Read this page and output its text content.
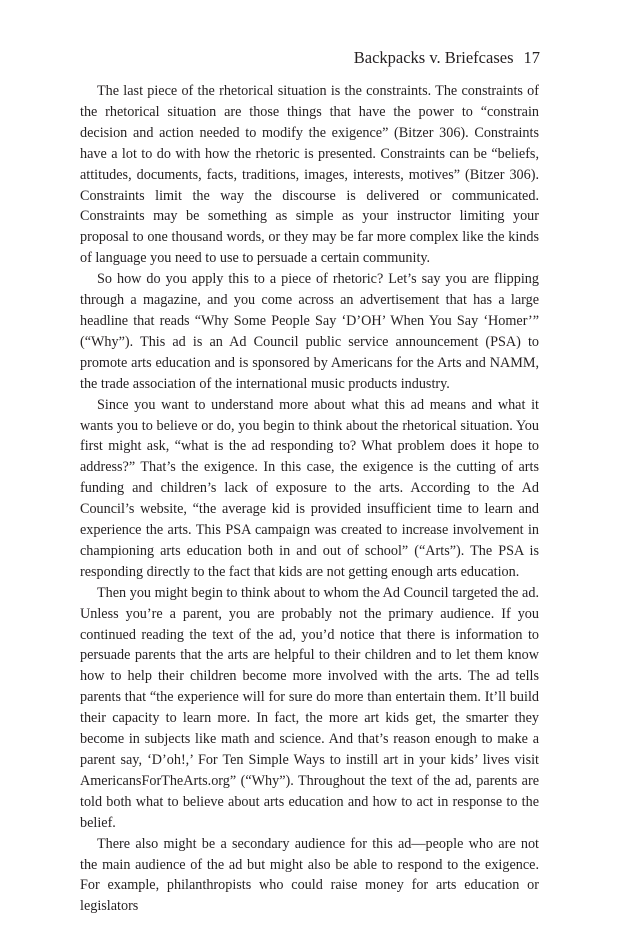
Backpacks v. Briefcases 17

The last piece of the rhetorical situation is the constraints. The constraints of the rhetorical situation are those things that have the power to “constrain decision and action needed to modify the exigence” (Bitzer 306). Constraints have a lot to do with how the rhetoric is presented. Constraints can be “beliefs, attitudes, documents, facts, traditions, images, interests, motives” (Bitzer 306). Constraints limit the way the discourse is delivered or communicated. Constraints may be something as simple as your instructor limiting your proposal to one thousand words, or they may be far more complex like the kinds of language you need to use to persuade a certain community.

So how do you apply this to a piece of rhetoric? Let’s say you are flipping through a magazine, and you come across an advertisement that has a large headline that reads “Why Some People Say ‘D’OH’ When You Say ‘Homer’” (“Why”). This ad is an Ad Council public service announcement (PSA) to promote arts education and is sponsored by Americans for the Arts and NAMM, the trade association of the international music products industry.

Since you want to understand more about what this ad means and what it wants you to believe or do, you begin to think about the rhetorical situation. You first might ask, “what is the ad responding to? What problem does it hope to address?” That’s the exigence. In this case, the exigence is the cutting of arts funding and children’s lack of exposure to the arts. According to the Ad Council’s website, “the average kid is provided insufficient time to learn and experience the arts. This PSA campaign was created to increase involvement in championing arts education both in and out of school” (“Arts”). The PSA is responding directly to the fact that kids are not getting enough arts education.

Then you might begin to think about to whom the Ad Council targeted the ad. Unless you’re a parent, you are probably not the primary audience. If you continued reading the text of the ad, you’d notice that there is information to persuade parents that the arts are helpful to their children and to let them know how to help their children become more involved with the arts. The ad tells parents that “the experience will for sure do more than entertain them. It’ll build their capacity to learn more. In fact, the more art kids get, the smarter they become in subjects like math and science. And that’s reason enough to make a parent say, ‘D’oh!,’ For Ten Simple Ways to instill art in your kids’ lives visit AmericansForTheArts.org” (“Why”). Throughout the text of the ad, parents are told both what to believe about arts education and how to act in response to the belief.

There also might be a secondary audience for this ad—people who are not the main audience of the ad but might also be able to respond to the exigence. For example, philanthropists who could raise money for arts education or legislators
